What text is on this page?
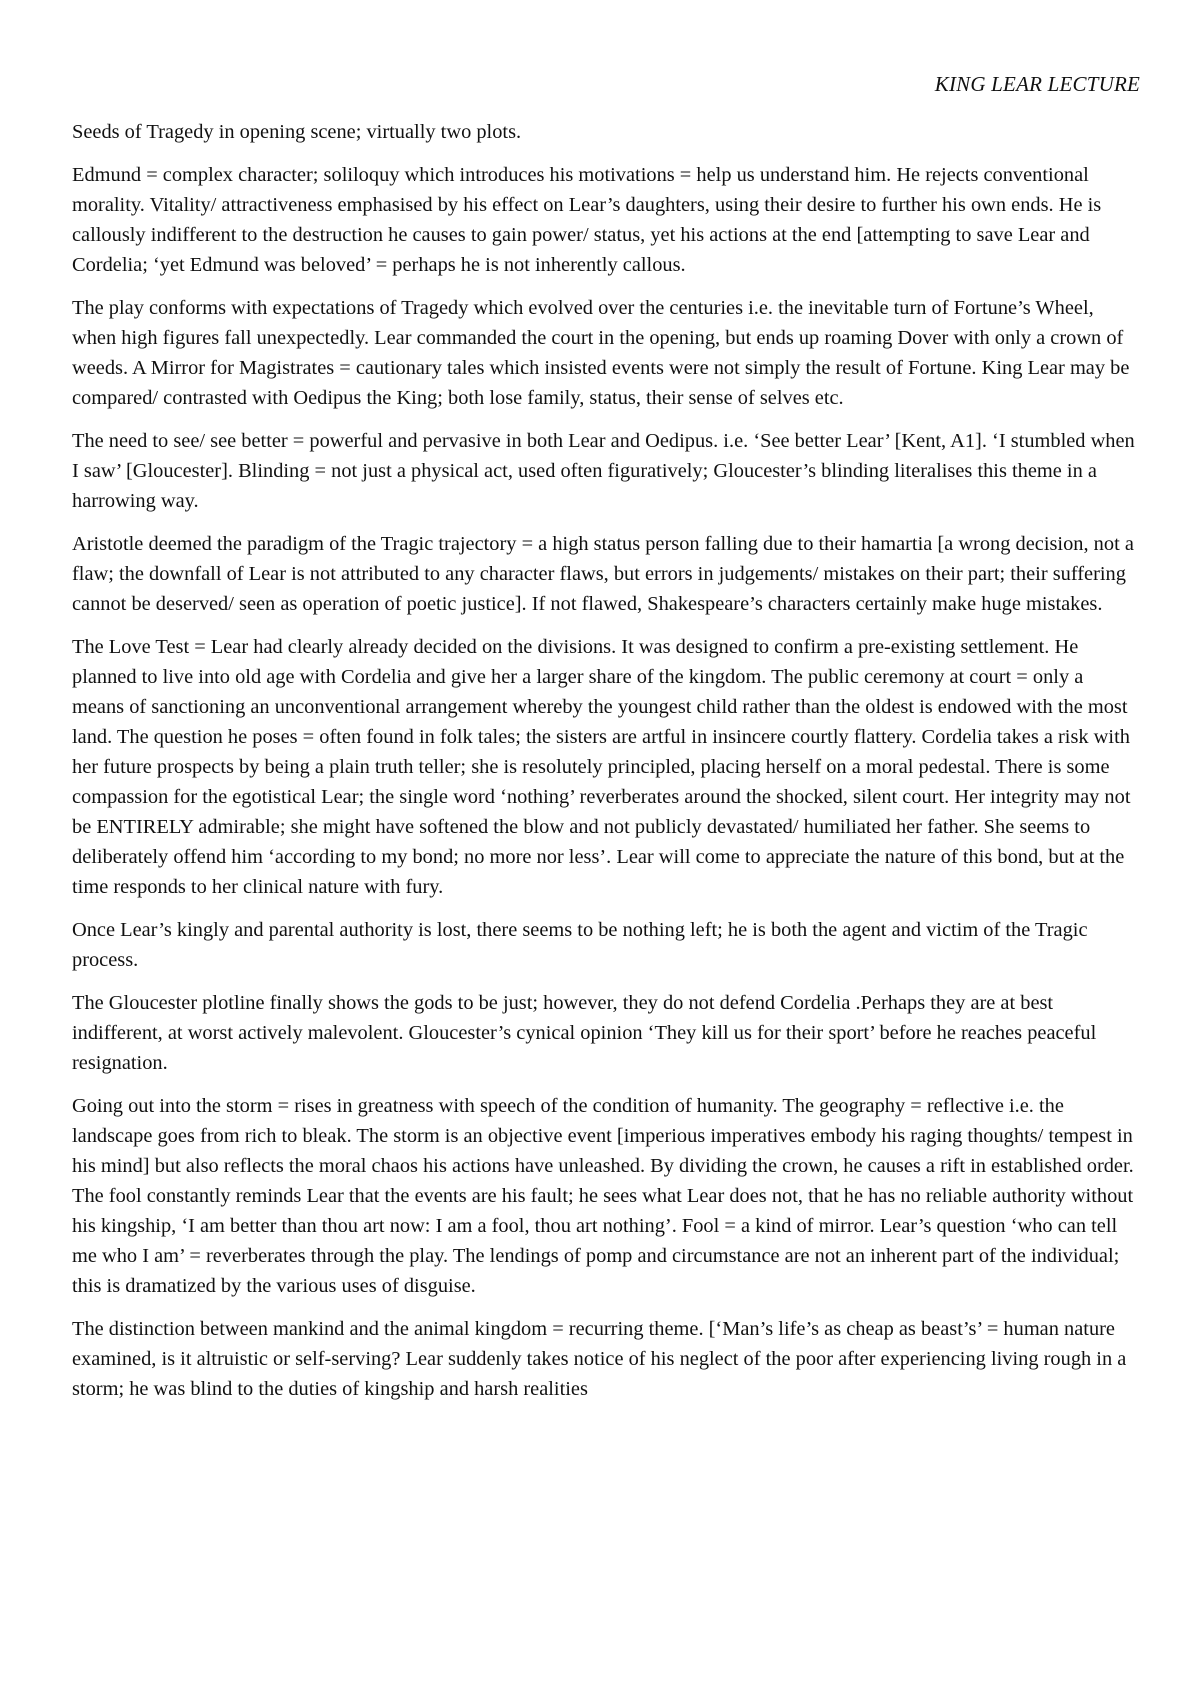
KING LEAR LECTURE

Seeds of Tragedy in opening scene; virtually two plots.

Edmund = complex character; soliloquy which introduces his motivations = help us understand him. He rejects conventional morality. Vitality/ attractiveness emphasised by his effect on Lear’s daughters, using their desire to further his own ends. He is callously indifferent to the destruction he causes to gain power/ status, yet his actions at the end [attempting to save Lear and Cordelia; ‘yet Edmund was beloved’ = perhaps he is not inherently callous.

The play conforms with expectations of Tragedy which evolved over the centuries i.e. the inevitable turn of Fortune’s Wheel, when high figures fall unexpectedly. Lear commanded the court in the opening, but ends up roaming Dover with only a crown of weeds. A Mirror for Magistrates = cautionary tales which insisted events were not simply the result of Fortune. King Lear may be compared/ contrasted with Oedipus the King; both lose family, status, their sense of selves etc.

The need to see/ see better = powerful and pervasive in both Lear and Oedipus. i.e. ‘See better Lear’ [Kent, A1]. ‘I stumbled when I saw’ [Gloucester]. Blinding = not just a physical act, used often figuratively; Gloucester’s blinding literalises this theme in a harrowing way.

Aristotle deemed the paradigm of the Tragic trajectory = a high status person falling due to their hamartia [a wrong decision, not a flaw; the downfall of Lear is not attributed to any character flaws, but errors in judgements/ mistakes on their part; their suffering cannot be deserved/ seen as operation of poetic justice]. If not flawed, Shakespeare’s characters certainly make huge mistakes.

The Love Test = Lear had clearly already decided on the divisions. It was designed to confirm a pre-existing settlement. He planned to live into old age with Cordelia and give her a larger share of the kingdom. The public ceremony at court = only a means of sanctioning an unconventional arrangement whereby the youngest child rather than the oldest is endowed with the most land. The question he poses = often found in folk tales; the sisters are artful in insincere courtly flattery. Cordelia takes a risk with her future prospects by being a plain truth teller; she is resolutely principled, placing herself on a moral pedestal. There is some compassion for the egotistical Lear; the single word ‘nothing’ reverberates around the shocked, silent court. Her integrity may not be ENTIRELY admirable; she might have softened the blow and not publicly devastated/ humiliated her father. She seems to deliberately offend him ‘according to my bond; no more nor less’. Lear will come to appreciate the nature of this bond, but at the time responds to her clinical nature with fury.

Once Lear’s kingly and parental authority is lost, there seems to be nothing left; he is both the agent and victim of the Tragic process.

The Gloucester plotline finally shows the gods to be just; however, they do not defend Cordelia .Perhaps they are at best indifferent, at worst actively malevolent. Gloucester’s cynical opinion ‘They kill us for their sport’ before he reaches peaceful resignation.

Going out into the storm = rises in greatness with speech of the condition of humanity. The geography = reflective i.e. the landscape goes from rich to bleak. The storm is an objective event [imperious imperatives embody his raging thoughts/ tempest in his mind] but also reflects the moral chaos his actions have unleashed. By dividing the crown, he causes a rift in established order. The fool constantly reminds Lear that the events are his fault; he sees what Lear does not, that he has no reliable authority without his kingship, ‘I am better than thou art now: I am a fool, thou art nothing’. Fool = a kind of mirror. Lear’s question ‘who can tell me who I am’ = reverberates through the play. The lendings of pomp and circumstance are not an inherent part of the individual; this is dramatized by the various uses of disguise.

The distinction between mankind and the animal kingdom = recurring theme. [‘Man’s life’s as cheap as beast’s’ = human nature examined, is it altruistic or self-serving? Lear suddenly takes notice of his neglect of the poor after experiencing living rough in a storm; he was blind to the duties of kingship and harsh realities
